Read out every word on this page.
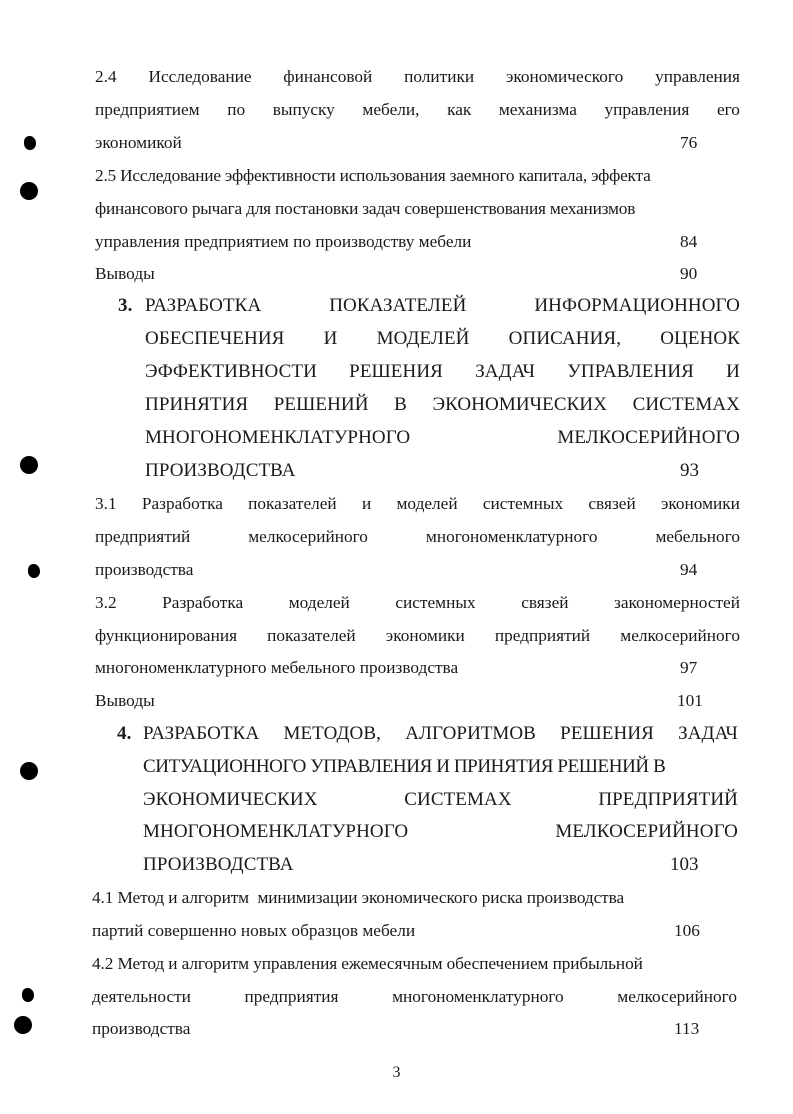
2.4 Исследование финансовой политики экономического управления
предприятием по выпуску мебели, как механизма управления его
экономикой	76
2.5 Исследование эффективности использования заемного капитала, эффекта
финансового рычага для постановки задач совершенствования механизмов
управления предприятием по производству мебели	84
Выводы	90
3. РАЗРАБОТКА	ПОКАЗАТЕЛЕЙ	ИНФОРМАЦИОННОГО
ОБЕСПЕЧЕНИЯ И МОДЕЛЕЙ ОПИСАНИЯ, ОЦЕНОК
ЭФФЕКТИВНОСТИ РЕШЕНИЯ ЗАДАЧ УПРАВЛЕНИЯ И
ПРИНЯТИЯ РЕШЕНИЙ В ЭКОНОМИЧЕСКИХ СИСТЕМАХ
МНОГОНОМЕНКЛАТУРНОГО	МЕЛКОСЕРИЙНОГО
ПРОИЗВОДСТВА	93
3.1 Разработка показателей и моделей системных связей экономики
предприятий	мелкосерийного	многономенклатурного	мебельного
производства	94
3.2	Разработка	моделей	системных	связей	закономерностей
функционирования показателей экономики предприятий мелкосерийного
многономенклатурного мебельного производства	97
Выводы	101
4. РАЗРАБОТКА МЕТОДОВ, АЛГОРИТМОВ РЕШЕНИЯ ЗАДАЧ
СИТУАЦИОННОГО УПРАВЛЕНИЯ И ПРИНЯТИЯ РЕШЕНИЙ В
ЭКОНОМИЧЕСКИХ	СИСТЕМАХ	ПРЕДПРИЯТИЙ
МНОГОНОМЕНКЛАТУРНОГО	МЕЛКОСЕРИЙНОГО
ПРОИЗВОДСТВА	103
4.1 Метод и алгоритм  минимизации экономического риска производства
партий совершенно новых образцов мебели	106
4.2 Метод и алгоритм управления ежемесячным обеспечением прибыльной
деятельности	предприятия	многономенклатурного	мелкосерийного
производства	113
3
